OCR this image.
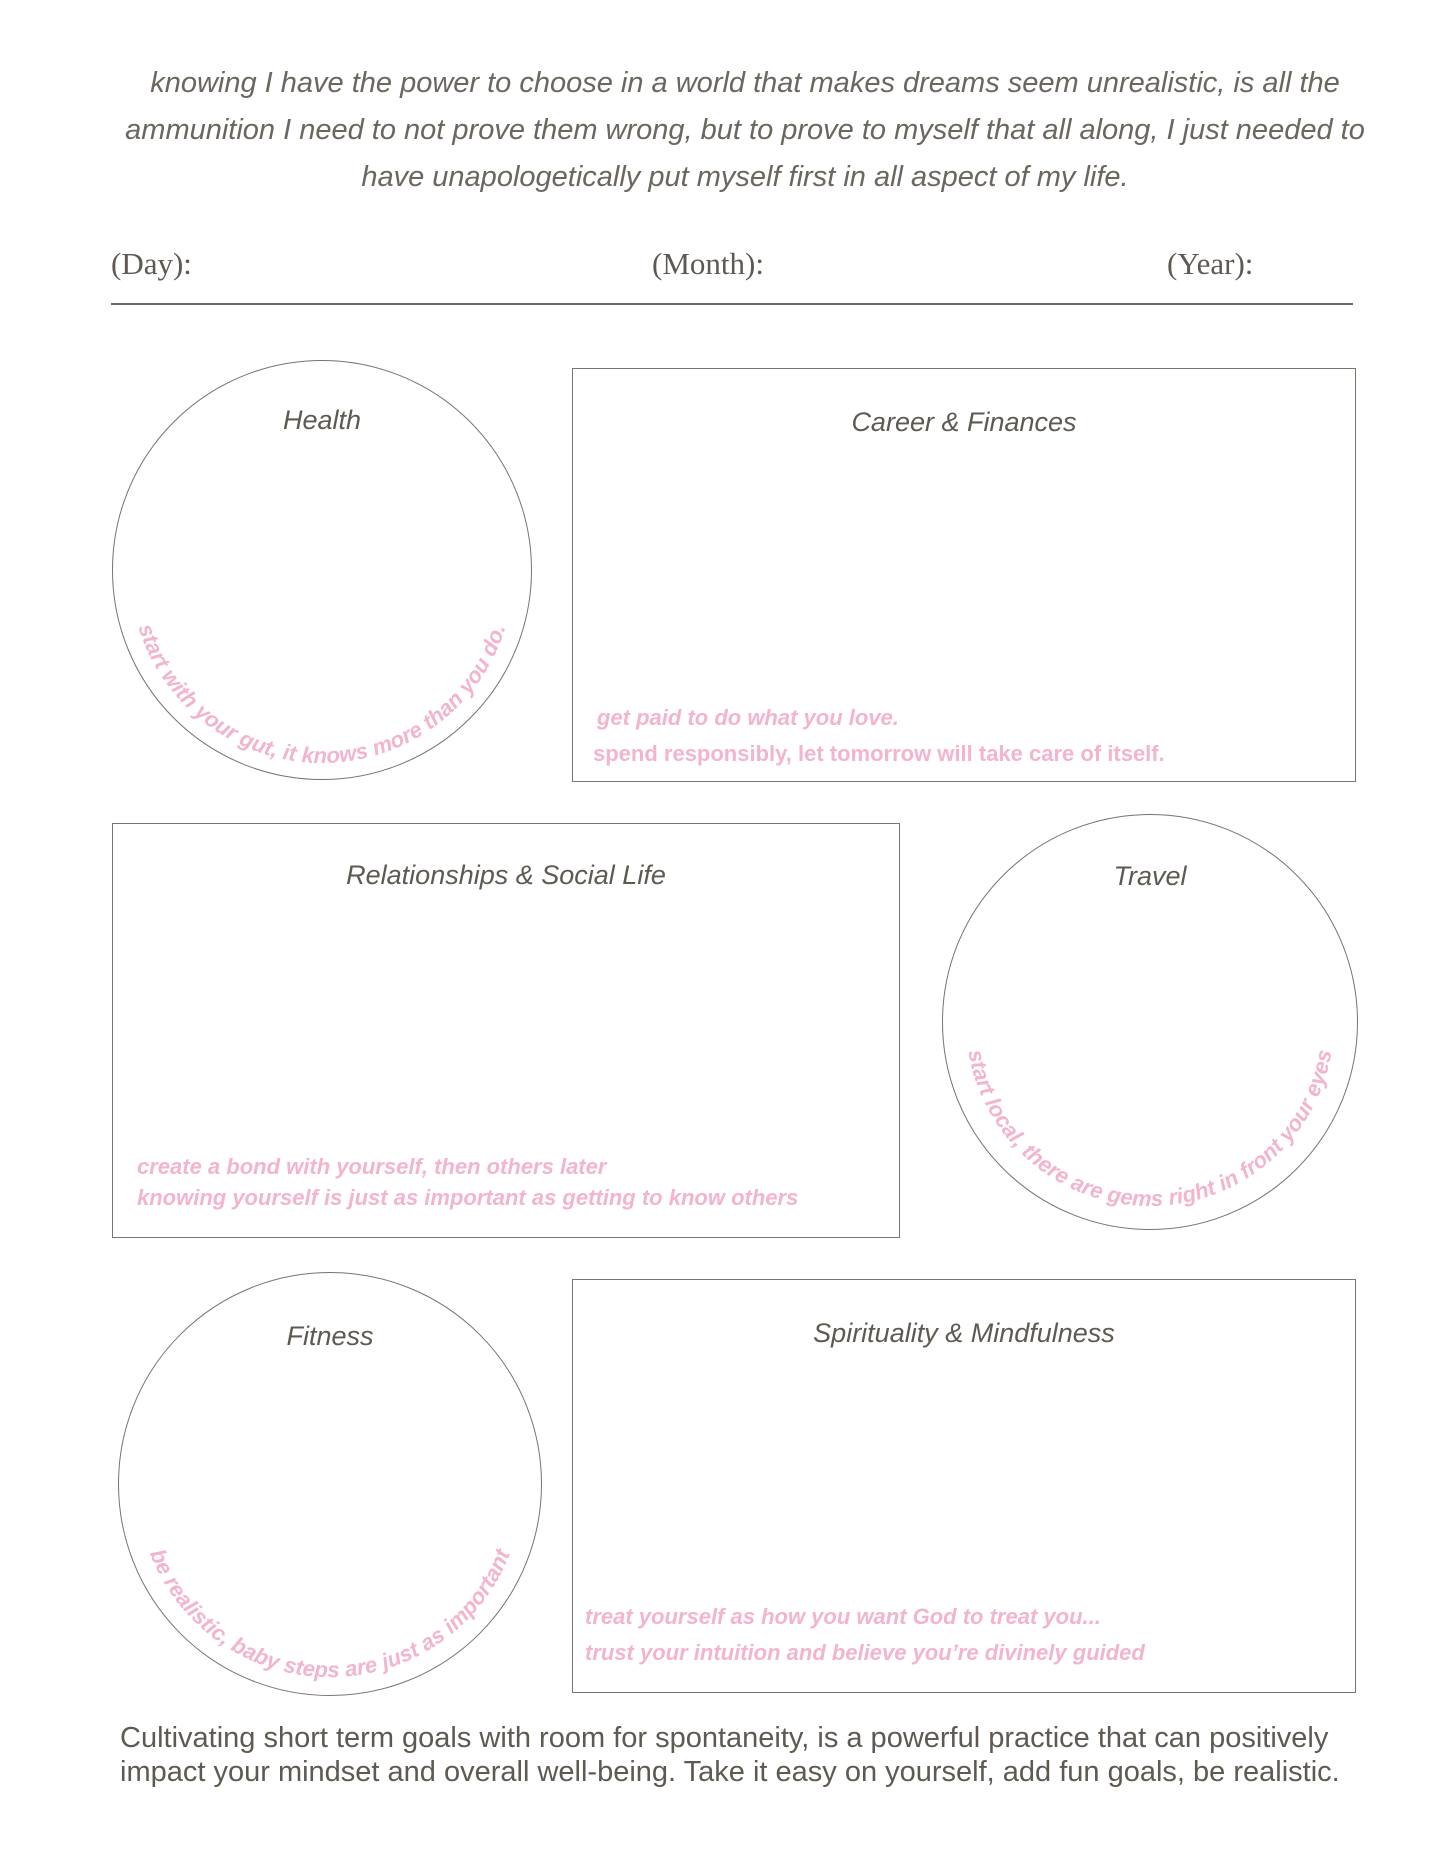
knowing I have the power to choose in a world that makes dreams seem unrealistic, is all the ammunition I need to not prove them wrong, but to prove to myself that all along, I just needed to have unapologetically put myself first in all aspect of my life.
(Day):	(Month):	(Year):
Health
start with your gut, it knows more than you do.
Career & Finances
get paid to do what you love.
spend responsibly, let tomorrow will take care of itself.
Relationships & Social Life
create a bond with yourself, then others later
knowing yourself is just as important as getting to know others
Travel
start local, there are gems right in front your eyes
Fitness
be realistic, baby steps are just as important
Spirituality & Mindfulness
treat yourself as how you want God to treat you...
trust your intuition and believe you’re divinely guided
Cultivating short term goals with room for spontaneity, is a powerful practice that can positively impact your mindset and overall well-being. Take it easy on yourself, add fun goals, be realistic.
